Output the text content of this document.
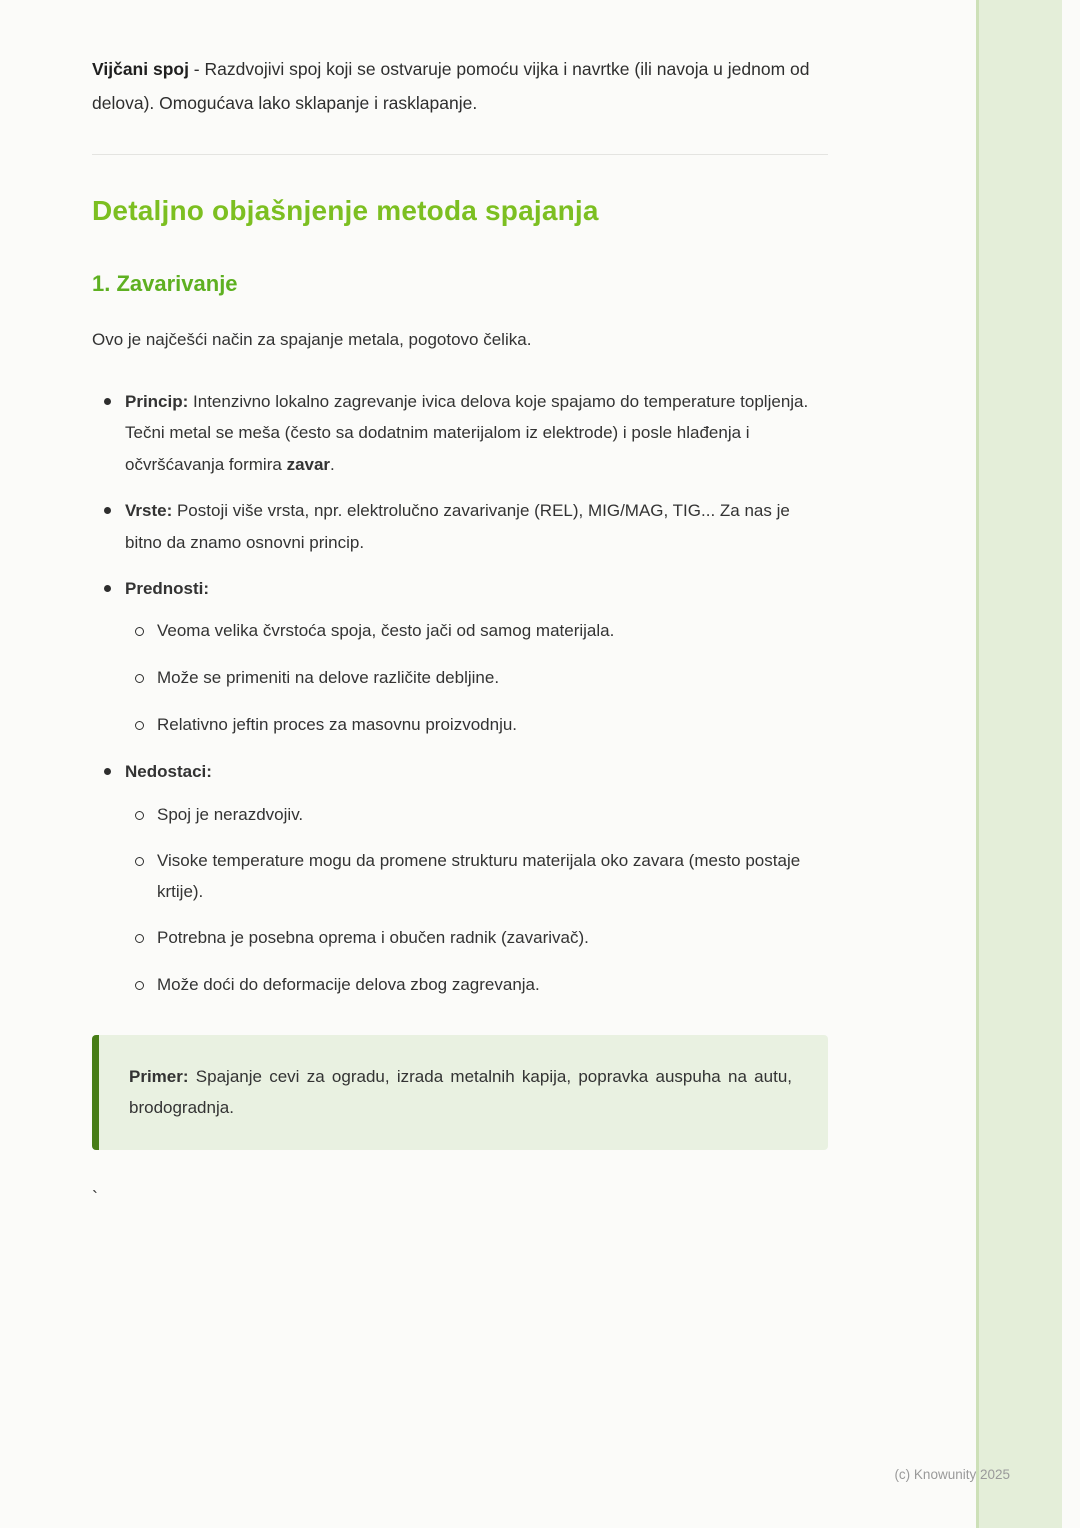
Vijčani spoj - Razdvojivi spoj koji se ostvaruje pomoću vijka i navrtke (ili navoja u jednom od delova). Omogućava lako sklapanje i rasklapanje.

Detaljno objašnjenje metoda spajanja
1. Zavarivanje

Ovo je najčešći način za spajanje metala, pogotovo čelika.

Princip: Intenzivno lokalno zagrevanje ivica delova koje spajamo do temperature topljenja. Tečni metal se meša (često sa dodatnim materijalom iz elektrode) i posle hlađenja i očvršćavanja formira zavar.
Vrste: Postoji više vrsta, npr. elektrolučno zavarivanje (REL), MIG/MAG, TIG... Za nas je bitno da znamo osnovni princip.
Prednosti:
Veoma velika čvrstoća spoja, često jači od samog materijala.
Može se primeniti na delove različite debljine.
Relativno jeftin proces za masovnu proizvodnju.
Nedostaci:
Spoj je nerazdvojiv.
Visoke temperature mogu da promene strukturu materijala oko zavara (mesto postaje krtije).
Potrebna je posebna oprema i obučen radnik (zavarivač).
Može doći do deformacije delova zbog zagrevanja.

Primer: Spajanje cevi za ogradu, izrada metalnih kapija, popravka auspuha na autu, brodogradnja.

`
(c) Knowunity 2025
